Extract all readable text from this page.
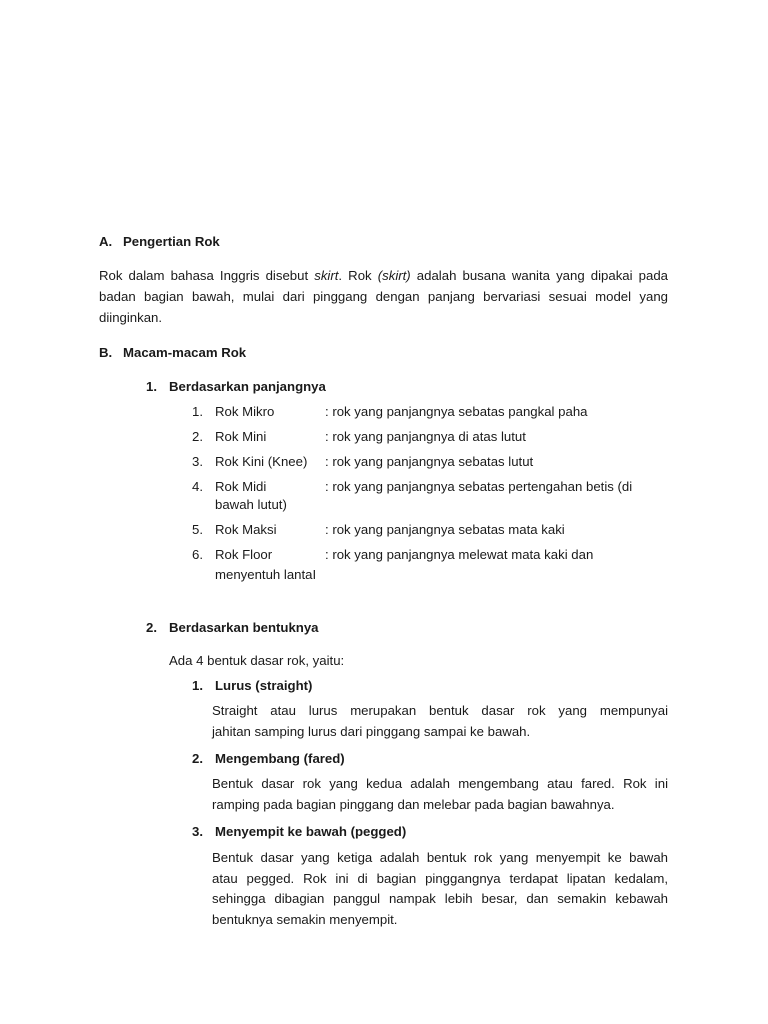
A. Pengertian Rok
Rok dalam bahasa Inggris disebut skirt. Rok (skirt) adalah busana wanita yang dipakai pada
badan bagian bawah, mulai dari pinggang dengan panjang bervariasi sesuai model yang
diinginkan.
B. Macam-macam Rok
1. Berdasarkan panjangnya
1. Rok Mikro	: rok yang panjangnya sebatas pangkal paha
2. Rok Mini	: rok yang panjangnya di atas lutut
3. Rok Kini (Knee) : rok yang panjangnya sebatas lutut
4. Rok Midi	: rok yang panjangnya sebatas pertengahan betis (di
bawah lutut)
5. Rok Maksi	: rok yang panjangnya sebatas mata kaki
6. Rok Floor	: rok yang panjangnya melewat mata kaki dan
menyentuh lantaI
2. Berdasarkan bentuknya
Ada 4 bentuk dasar rok, yaitu:
1. Lurus (straight)
Straight atau lurus merupakan bentuk dasar rok yang mempunyai
jahitan samping lurus dari pinggang sampai ke bawah.
2. Mengembang (fared)
Bentuk dasar rok yang kedua adalah mengembang atau fared. Rok ini
ramping pada bagian pinggang dan melebar pada bagian bawahnya.
3. Menyempit ke bawah (pegged)
Bentuk dasar yang ketiga adalah bentuk rok yang menyempit ke bawah
atau pegged. Rok ini di bagian pinggangnya terdapat lipatan kedalam,
sehingga dibagian panggul nampak lebih besar, dan semakin kebawah
bentuknya semakin menyempit.
